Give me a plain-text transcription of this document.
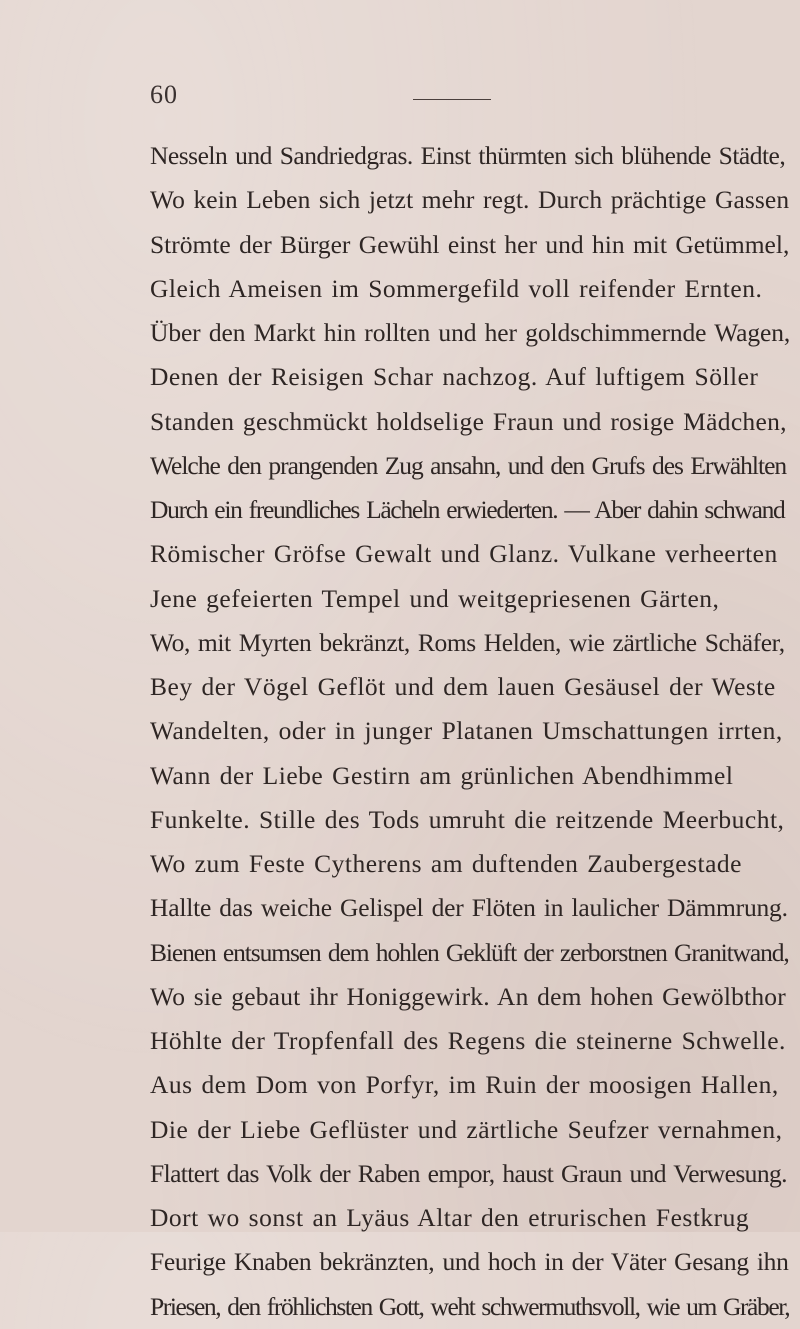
60
Nesseln und Sandriedgras. Einst thürmten sich blühende Städte,
Wo kein Leben sich jetzt mehr regt. Durch prächtige Gassen
Strömte der Bürger Gewühl einst her und hin mit Getümmel,
Gleich Ameisen im Sommergefild voll reifender Ernten.
Über den Markt hin rollten und her goldschimmernde Wagen,
Denen der Reisigen Schar nachzog. Auf luftigem Söller
Standen geschmückt holdselige Fraun und rosige Mädchen,
Welche den prangenden Zug ansahn, und den Grufs des Erwählten
Durch ein freundliches Lächeln erwiederten. — Aber dahin schwand
Römischer Gröfse Gewalt und Glanz. Vulkane verheerten
Jene gefeierten Tempel und weitgepriesenen Gärten,
Wo, mit Myrten bekränzt, Roms Helden, wie zärtliche Schäfer,
Bey der Vögel Geflöt und dem lauen Gesäusel der Weste
Wandelten, oder in junger Platanen Umschattungen irrten,
Wann der Liebe Gestirn am grünlichen Abendhimmel
Funkelte. Stille des Tods umruht die reitzende Meerbucht,
Wo zum Feste Cytherens am duftenden Zaubergestade
Hallte das weiche Gelispel der Flöten in laulicher Dämmrung.
Bienen entsumsen dem hohlen Geklüft der zerborstnen Granitwand,
Wo sie gebaut ihr Honiggewirk. An dem hohen Gewölbthor
Höhlte der Tropfenfall des Regens die steinerne Schwelle.
Aus dem Dom von Porfyr, im Ruin der moosigen Hallen,
Die der Liebe Geflüster und zärtliche Seufzer vernahmen,
Flattert das Volk der Raben empor, haust Graun und Verwesung.
Dort wo sonst an Lyäus Altar den etrurischen Festkrug
Feurige Knaben bekränzten, und hoch in der Väter Gesang ihn
Priesen, den fröhlichsten Gott, weht schwermuthsvoll, wie um Gräber,
